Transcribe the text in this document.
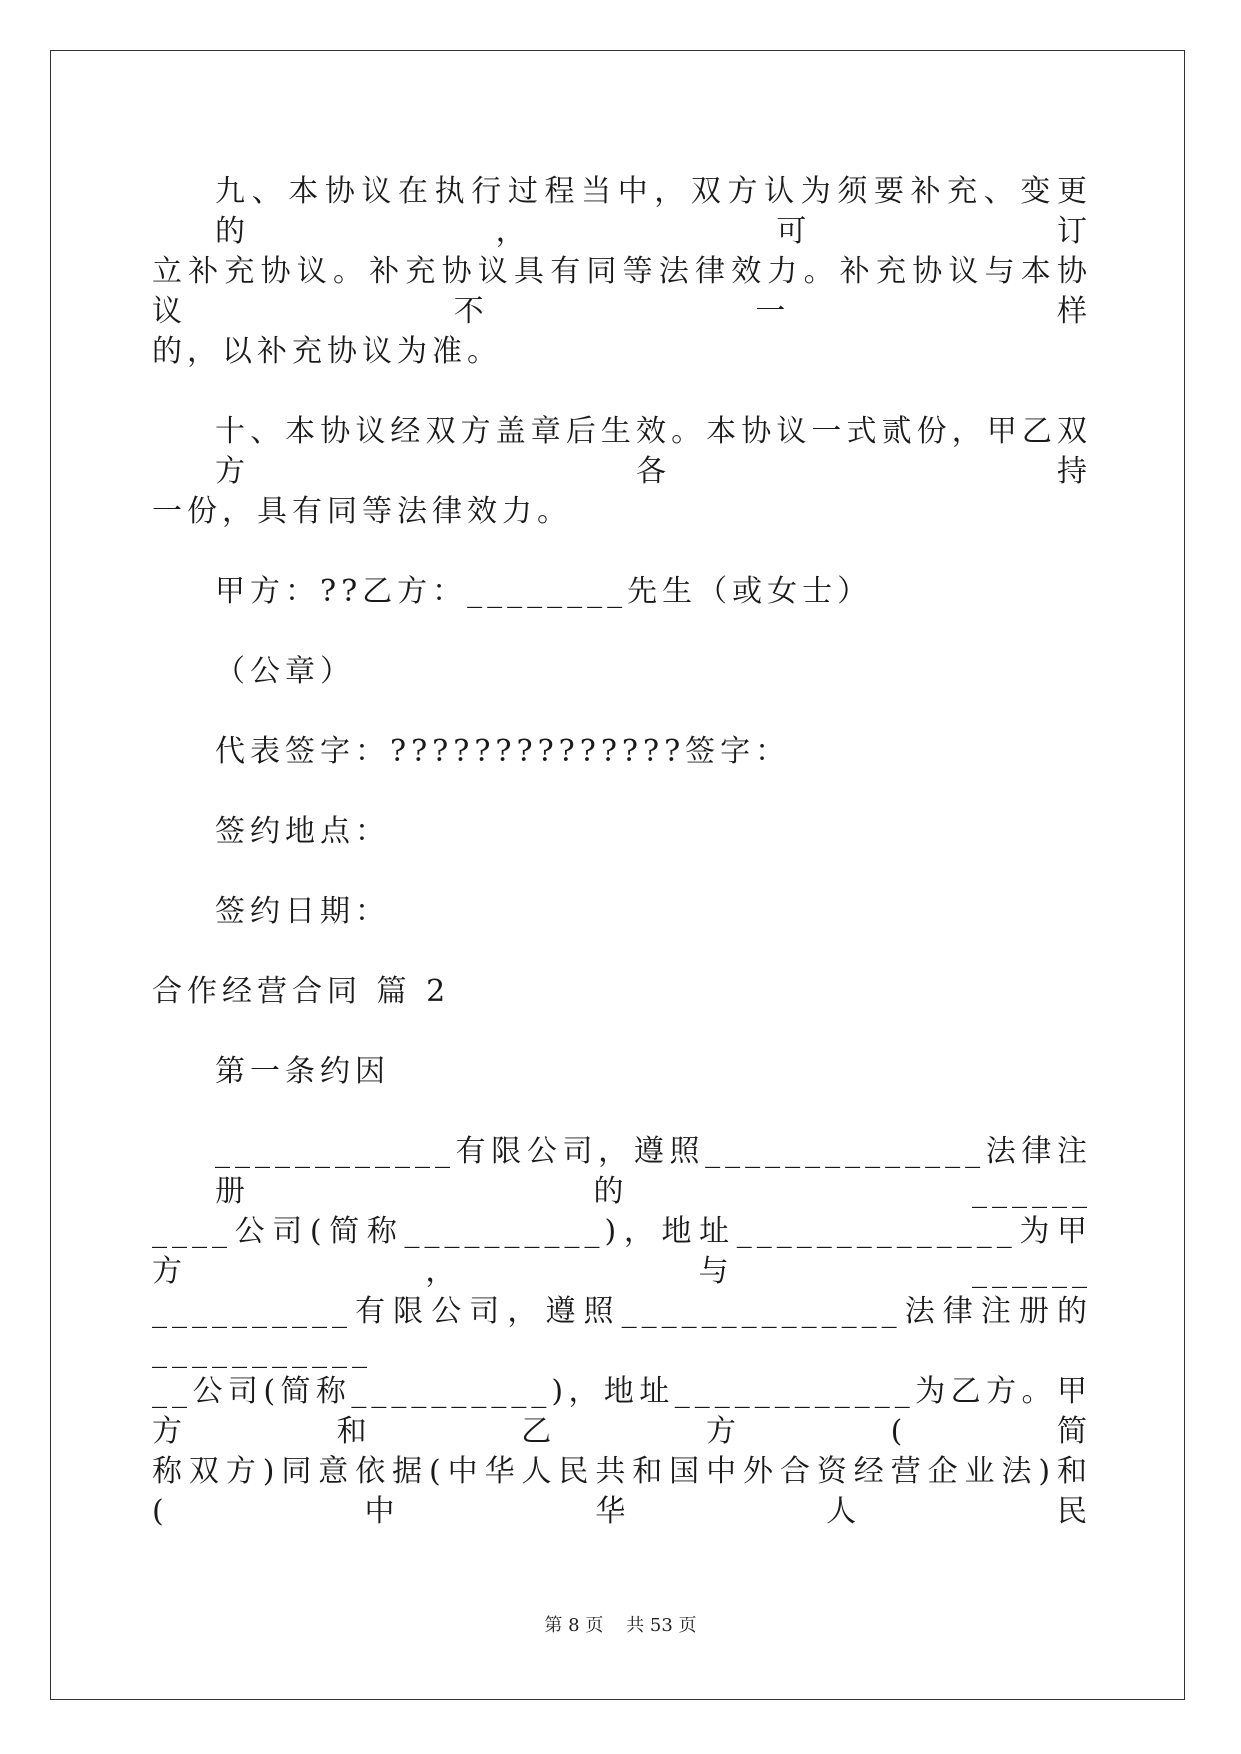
九、本协议在执行过程当中，双方认为须要补充、变更的，可订
立补充协议。补充协议具有同等法律效力。补充协议与本协议不一样
的，以补充协议为准。
十、本协议经双方盖章后生效。本协议一式贰份，甲乙双方各持
一份，具有同等法律效力。
甲方：??乙方：________先生（或女士）
（公章）
代表签字：??????????????签字：
签约地点：
签约日期：
合作经营合同 篇 2
第一条约因
____________有限公司，遵照______________法律注册的______
____公司(简称__________)，地址______________为甲方，与______
__________有限公司，遵照______________法律注册的___________
__公司(简称__________)，地址____________为乙方。甲方和乙方(简
称双方)同意依据(中华人民共和国中外合资经营企业法)和(中华人民
第 8 页    共 53 页
